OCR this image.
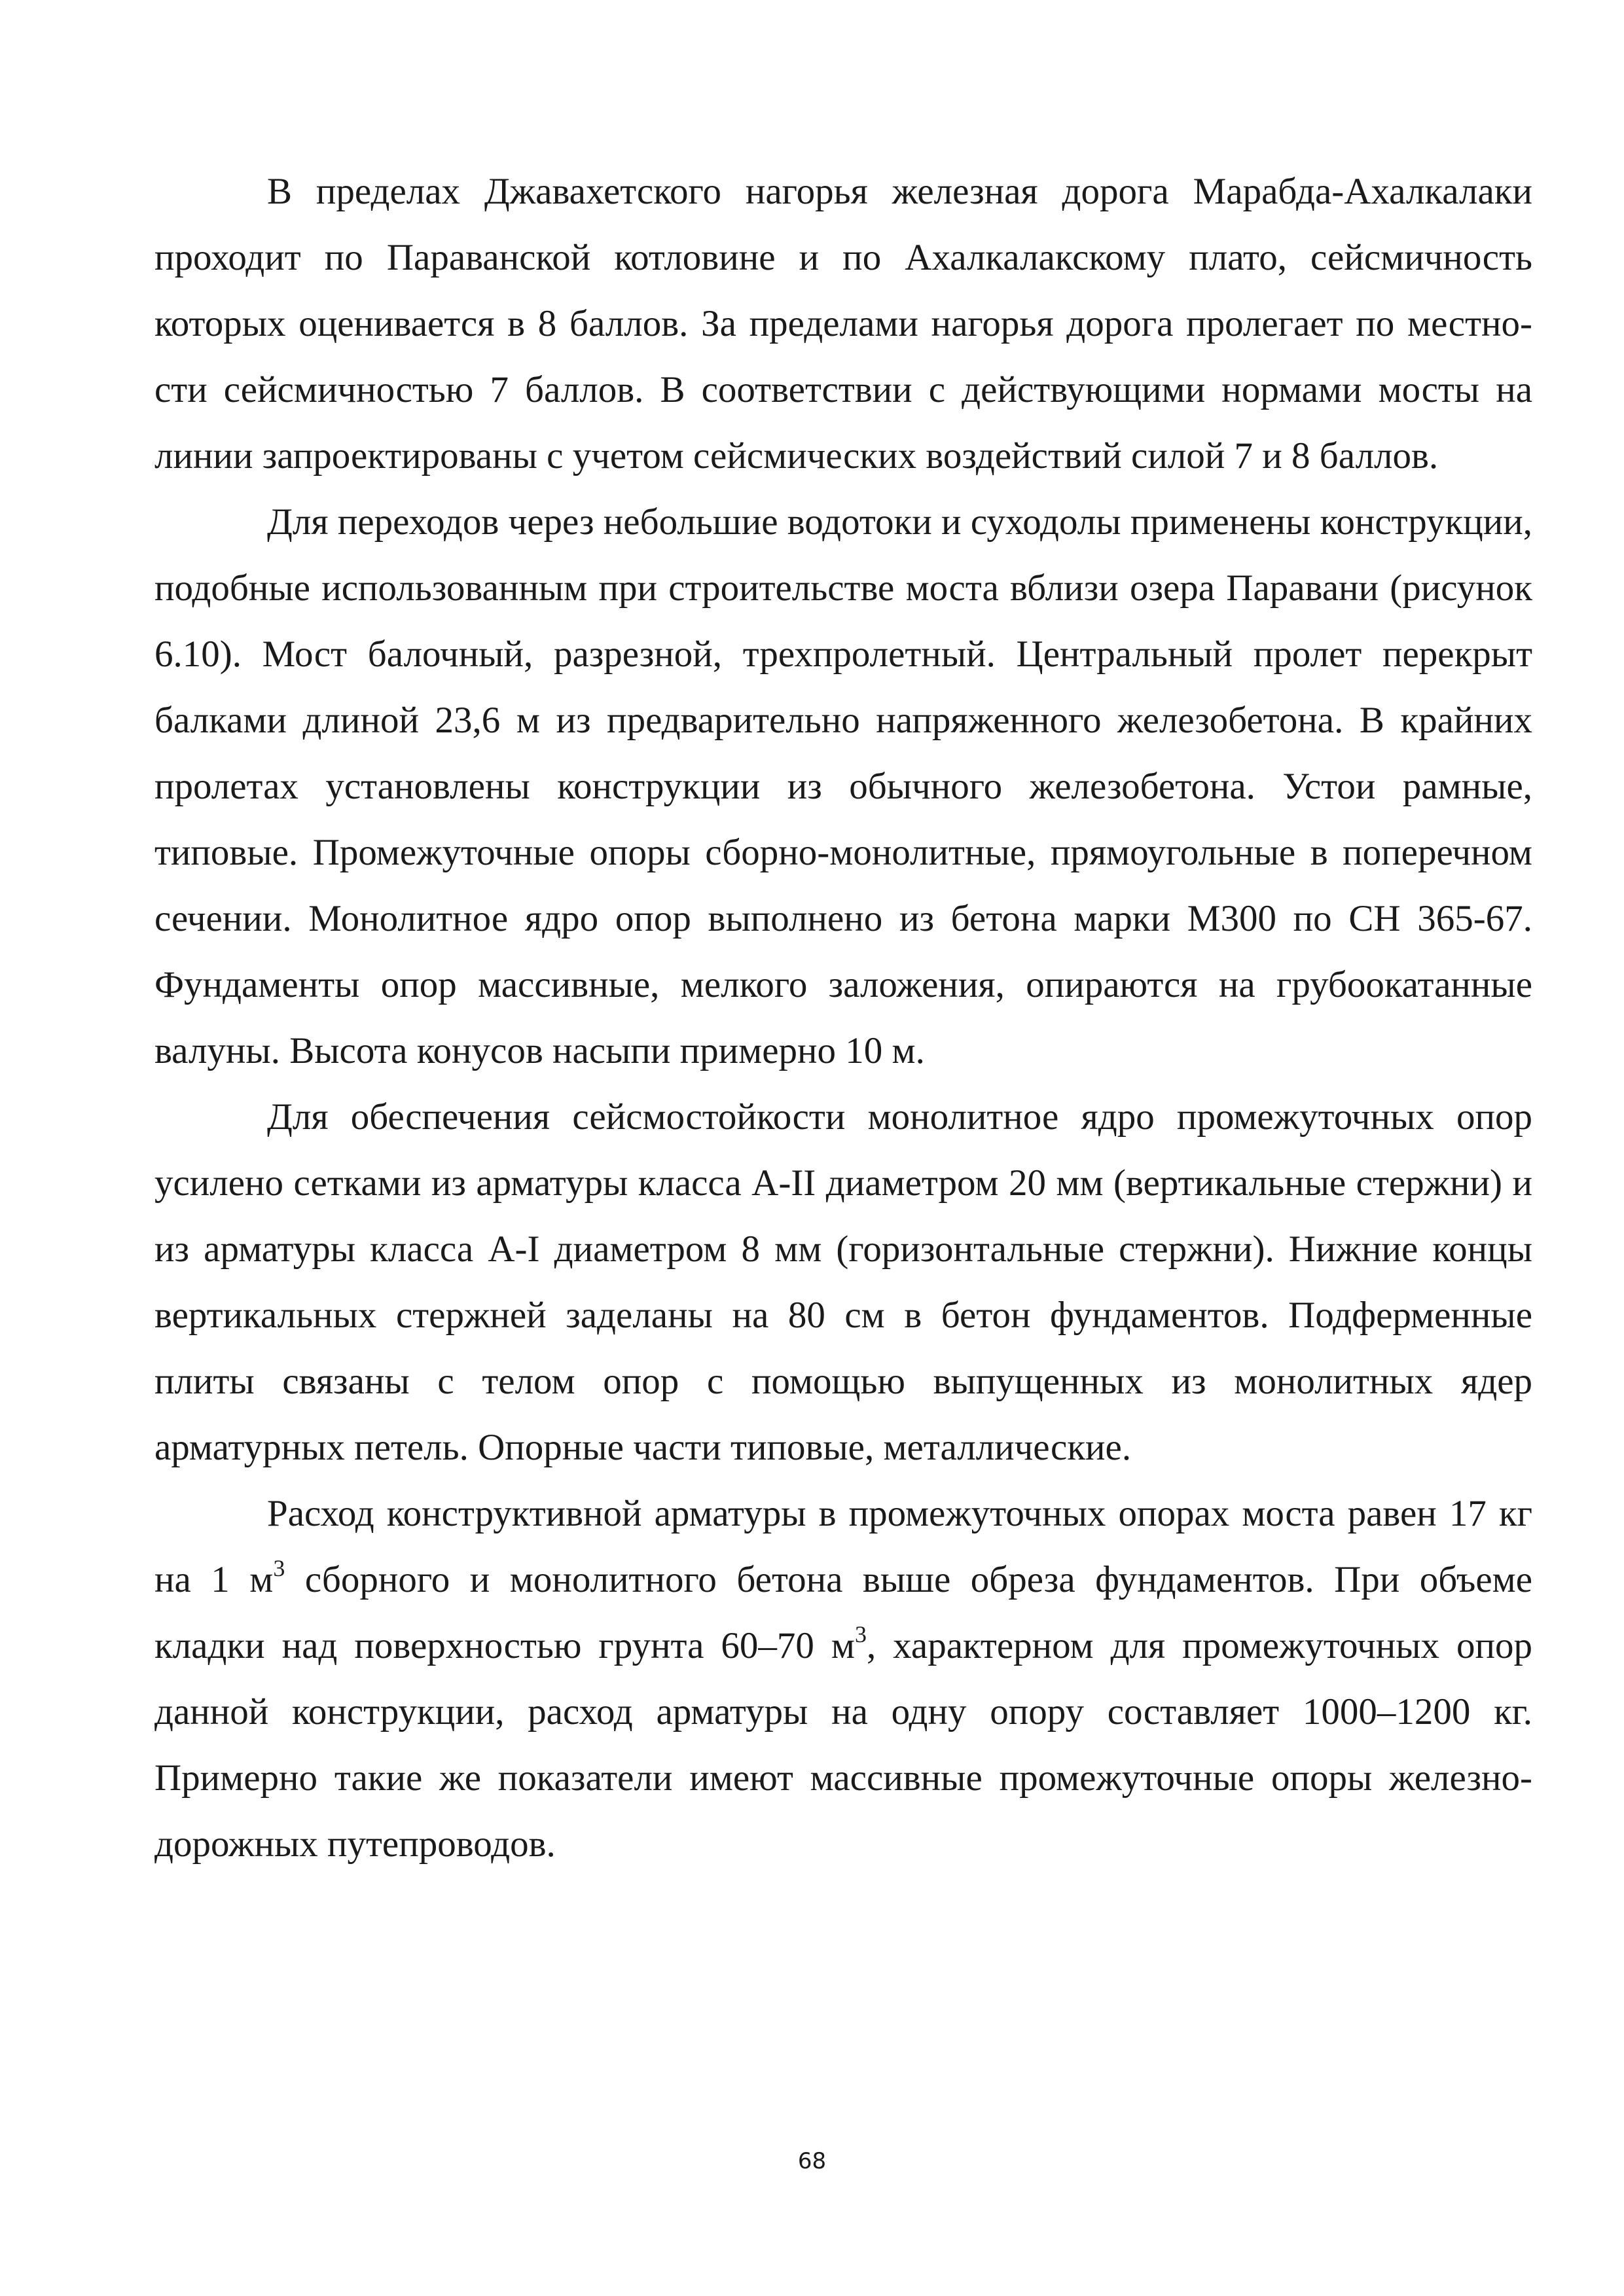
В пределах Джавахетского нагорья железная дорога Марабда-Ахалкалаки проходит по Параванской котловине и по Ахалкалакскому плато, сейсмичность которых оценивается в 8 баллов. За пределами нагорья дорога пролегает по местности сейсмичностью 7 баллов. В соответствии с действующими нормами мосты на линии запроектированы с учетом сейсмических воздействий силой 7 и 8 баллов.

Для переходов через небольшие водотоки и суходолы применены конструкции, подобные использованным при строительстве моста вблизи озера Паравани (рисунок 6.10). Мост балочный, разрезной, трехпролетный. Центральный пролет перекрыт балками длиной 23,6 м из предварительно напряженного железобетона. В крайних пролетах установлены конструкции из обычного железобетона. Устои рамные, типовые. Промежуточные опоры сборно-монолитные, прямоугольные в поперечном сечении. Монолитное ядро опор выполнено из бетона марки М300 по СН 365-67. Фундаменты опор массивные, мелкого заложения, опираются на грубоокатанные валуны. Высота конусов насыпи примерно 10 м.

Для обеспечения сейсмостойкости монолитное ядро промежуточных опор усилено сетками из арматуры класса A-II диаметром 20 мм (вертикальные стержни) и из арматуры класса A-I диаметром 8 мм (горизонтальные стержни). Нижние концы вертикальных стержней заделаны на 80 см в бетон фундаментов. Подферменные плиты связаны с телом опор с помощью выпущенных из монолитных ядер арматурных петель. Опорные части типовые, металлические.

Расход конструктивной арматуры в промежуточных опорах моста равен 17 кг на 1 $м^3$ сборного и монолитного бетона выше обреза фундаментов. При объеме кладки над поверхностью грунта 60–70 $м^3$, характерном для промежуточных опор данной конструкции, расход арматуры на одну опору составляет 1000–1200 кг. Примерно такие же показатели имеют массивные промежуточные опоры железнодорожных путепроводов.

68
